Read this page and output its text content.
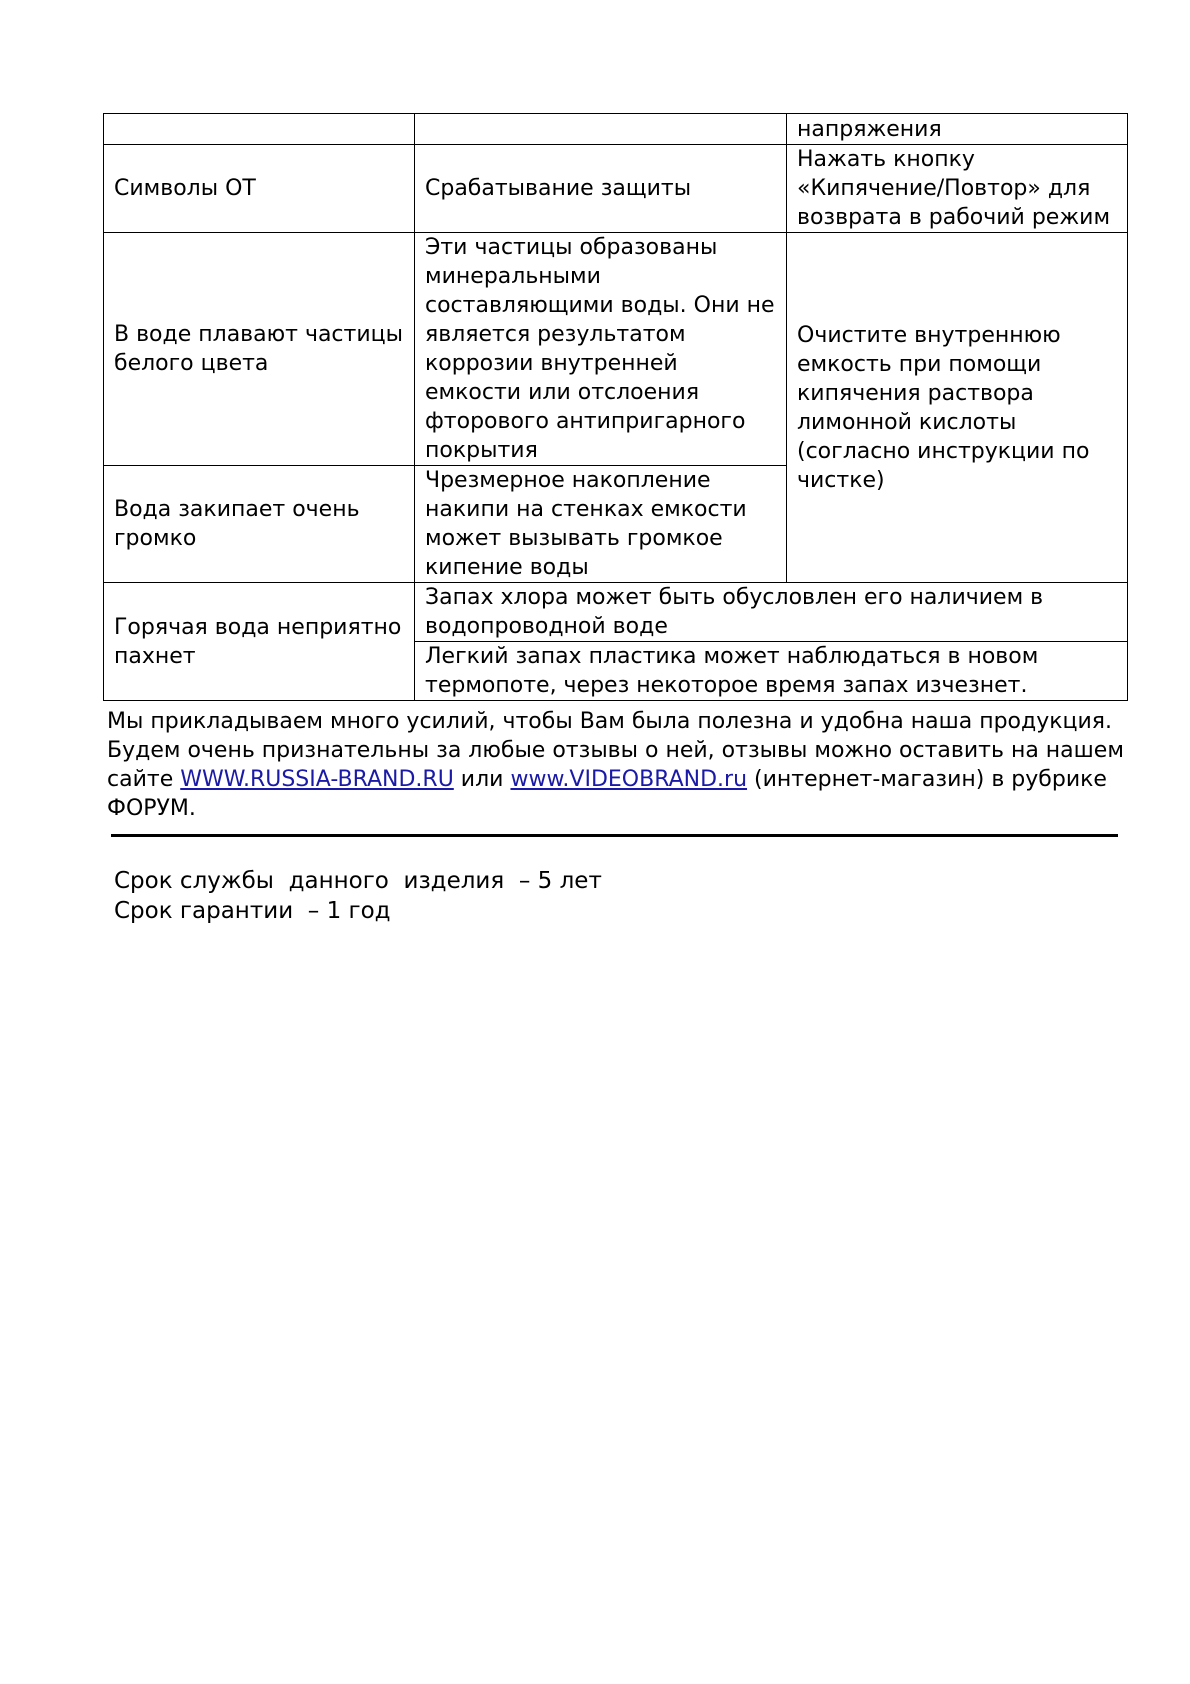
		напряжения
Символы ОТ	Срабатывание защиты	Нажать кнопку «Кипячение/Повтор» для возврата в рабочий режим
В воде плавают частицы белого цвета	Эти частицы образованы минеральными составляющими воды. Они не является результатом коррозии внутренней емкости или отслоения фторового антипригарного покрытия	Очистите внутреннюю емкость при помощи кипячения раствора лимонной кислоты (согласно инструкции по чистке)
Вода закипает очень громко	Чрезмерное накопление накипи на стенках емкости может вызывать громкое кипение воды	
Горячая вода неприятно пахнет	Запах хлора может быть обусловлен его наличием в водопроводной воде	
	Легкий запах пластика может наблюдаться в новом термопоте, через некоторое время запах изчезнет.	

Мы прикладываем много усилий, чтобы Вам была полезна и удобна наша продукция. Будем очень признательны за любые отзывы о ней, отзывы можно оставить на нашем сайте WWW.RUSSIA-BRAND.RU или www.VIDEOBRAND.ru (интернет-магазин) в рубрике ФОРУМ.

Срок службы  данного  изделия  – 5 лет
Срок гарантии  – 1 год
